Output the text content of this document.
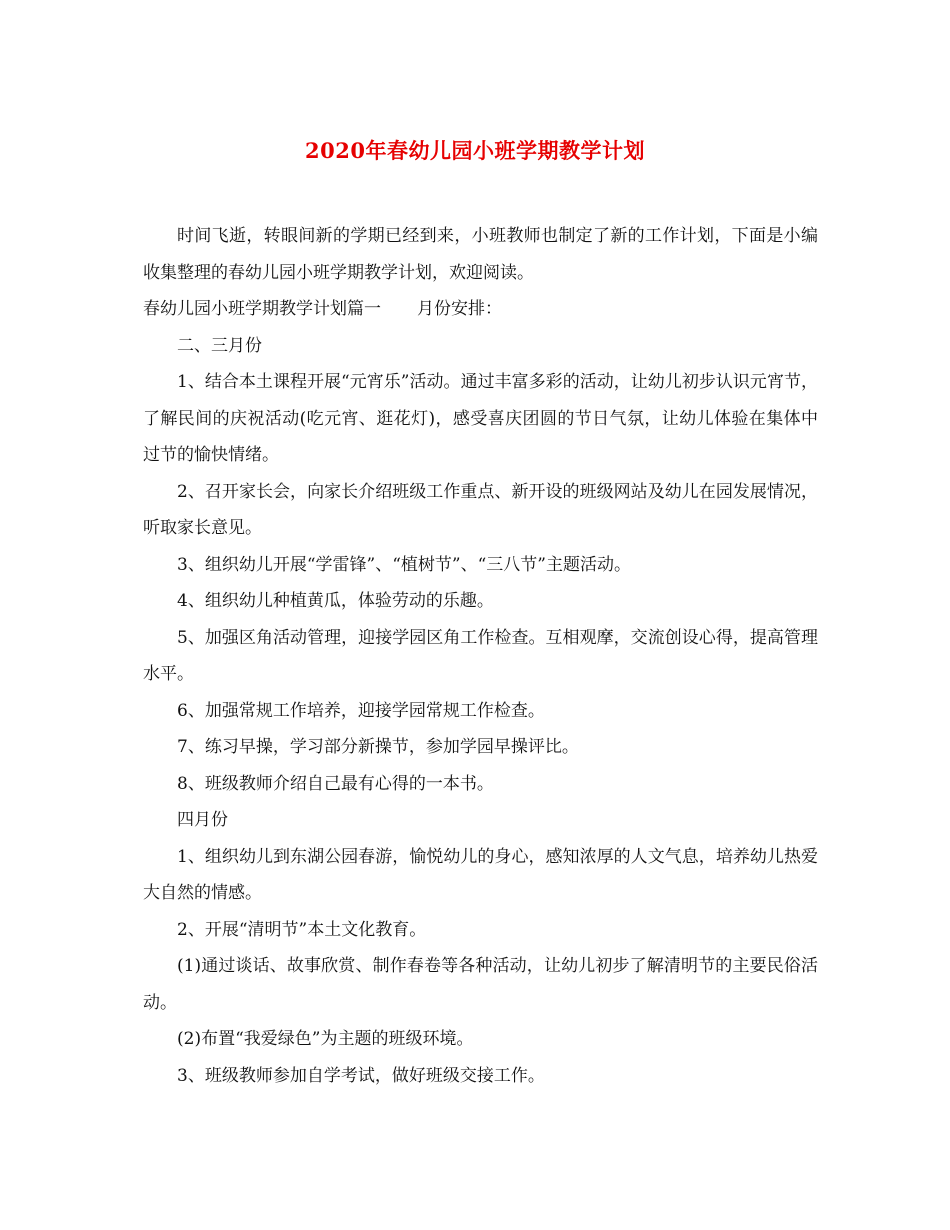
2020年春幼儿园小班学期教学计划

时间飞逝，转眼间新的学期已经到来，小班教师也制定了新的工作计划，下面是小编收集整理的春幼儿园小班学期教学计划，欢迎阅读。

春幼儿园小班学期教学计划篇一 月份安排：

二、三月份

1、结合本土课程开展“元宵乐”活动。通过丰富多彩的活动，让幼儿初步认识元宵节，了解民间的庆祝活动(吃元宵、逛花灯)，感受喜庆团圆的节日气氛，让幼儿体验在集体中过节的愉快情绪。

2、召开家长会，向家长介绍班级工作重点、新开设的班级网站及幼儿在园发展情况，听取家长意见。

3、组织幼儿开展“学雷锋”、“植树节”、“三八节”主题活动。

4、组织幼儿种植黄瓜，体验劳动的乐趣。

5、加强区角活动管理，迎接学园区角工作检查。互相观摩，交流创设心得，提高管理水平。

6、加强常规工作培养，迎接学园常规工作检查。

7、练习早操，学习部分新操节，参加学园早操评比。

8、班级教师介绍自己最有心得的一本书。

四月份

1、组织幼儿到东湖公园春游，愉悦幼儿的身心，感知浓厚的人文气息，培养幼儿热爱大自然的情感。

2、开展“清明节”本土文化教育。

(1)通过谈话、故事欣赏、制作春卷等各种活动，让幼儿初步了解清明节的主要民俗活动。

(2)布置“我爱绿色”为主题的班级环境。

3、班级教师参加自学考试，做好班级交接工作。
